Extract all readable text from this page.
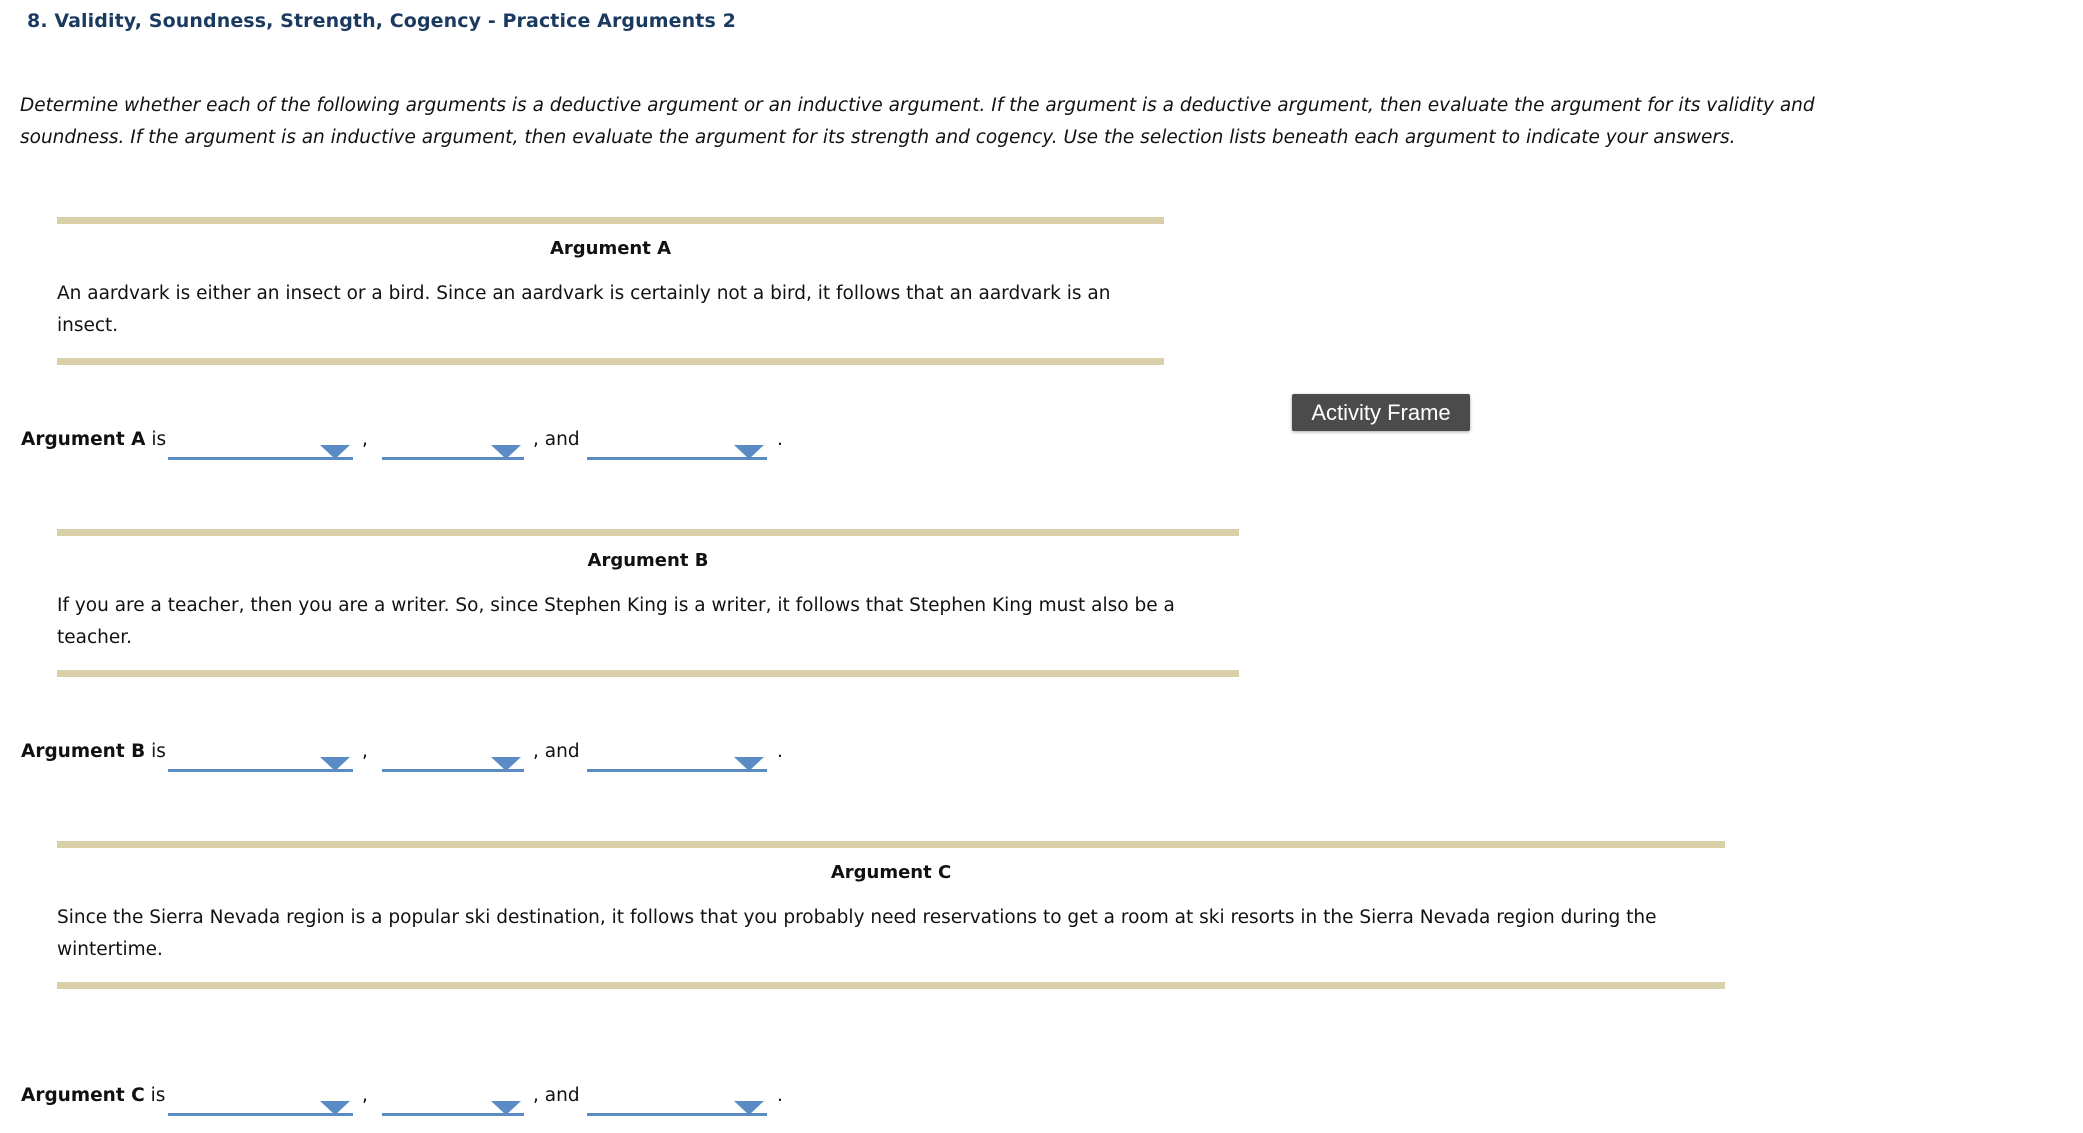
8. Validity, Soundness, Strength, Cogency - Practice Arguments 2
Determine whether each of the following arguments is a deductive argument or an inductive argument. If the argument is a deductive argument, then evaluate the argument for its validity and soundness. If the argument is an inductive argument, then evaluate the argument for its strength and cogency. Use the selection lists beneath each argument to indicate your answers.
Argument A
An aardvark is either an insect or a bird. Since an aardvark is certainly not a bird, it follows that an aardvark is an insect.
Argument A is	,	, and	.
Argument B
If you are a teacher, then you are a writer. So, since Stephen King is a writer, it follows that Stephen King must also be a teacher.
Argument B is	,	, and	.
Argument C
Since the Sierra Nevada region is a popular ski destination, it follows that you probably need reservations to get a room at ski resorts in the Sierra Nevada region during the wintertime.
Argument C is	,	, and	.
Activity Frame
